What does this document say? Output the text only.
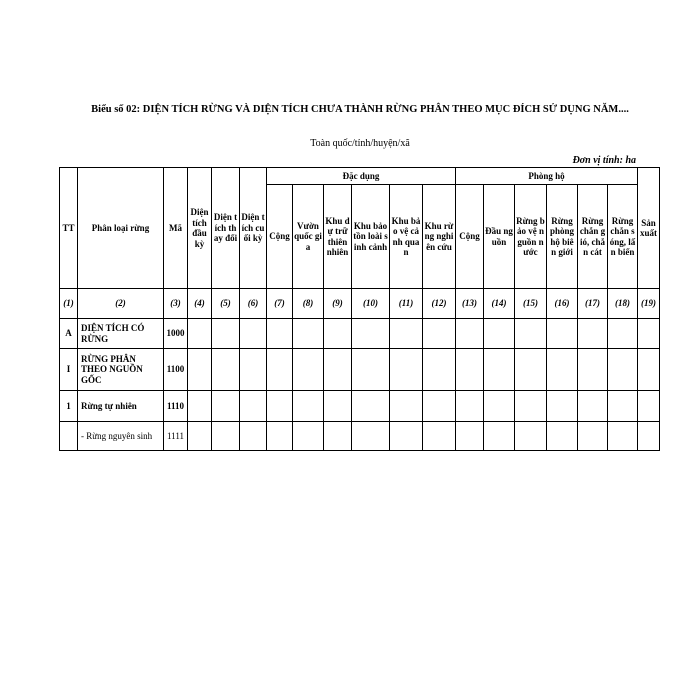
Biểu số 02: DIỆN TÍCH RỪNG VÀ DIỆN TÍCH CHƯA THÀNH RỪNG PHÂN THEO MỤC ĐÍCH SỬ DỤNG NĂM....
Toàn quốc/tỉnh/huyện/xã
Đơn vị tính: ha
TT	Phân loại rừng	Mã	Diện tích đầu kỳ	Diện tích thay đổi	Diện tích cuối kỳ	Đặc dụng						Phòng hộ						Sản xuất
						Cộng	Vườn quốc gia	Khu dự trữ thiên nhiên	Khu bảo tồn loài sinh cảnh	Khu bảo vệ cảnh quan	Khu rừng nghiên cứu	Cộng	Đầu nguồn	Rừng bảo vệ nguồn nước	Rừng phòng hộ biên giới	Rừng chắn gió, chắn cát	Rừng chắn sóng, lấn biển	
(1)	(2)	(3)	(4)	(5)	(6)	(7)	(8)	(9)	(10)	(11)	(12)	(13)	(14)	(15)	(16)	(17)	(18)	(19)
A	DIỆN TÍCH CÓ RỪNG	1000																
I	RỪNG PHÂN THEO NGUỒN GỐC	1100																
1	Rừng tự nhiên	1110																
	- Rừng nguyên sinh	1111																
